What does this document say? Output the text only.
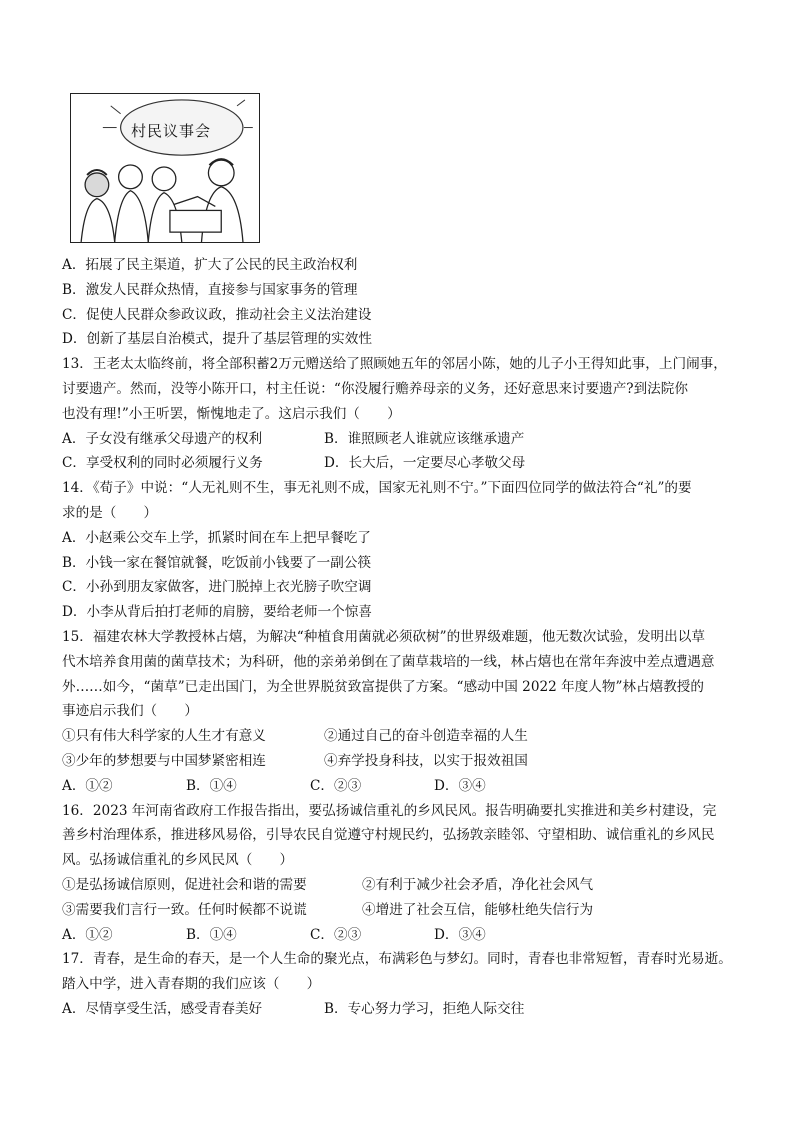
村民议事会
A．拓展了民主渠道，扩大了公民的民主政治权利
B．激发人民群众热情，直接参与国家事务的管理
C．促使人民群众参政议政，推动社会主义法治建设
D．创新了基层自治模式，提升了基层管理的实效性
13．王老太太临终前，将全部积蓄2万元赠送给了照顾她五年的邻居小陈，她的儿子小王得知此事，上门闹事，
讨要遗产。然而，没等小陈开口，村主任说：“你没履行赡养母亲的义务，还好意思来讨要遗产?到法院你
也没有理!”小王听罢，惭愧地走了。这启示我们（　　）
A．子女没有继承父母遗产的权利	B．谁照顾老人谁就应该继承遗产
C．享受权利的同时必须履行义务	D．长大后，一定要尽心孝敬父母
14．《荀子》中说：“人无礼则不生，事无礼则不成，国家无礼则不宁。”下面四位同学的做法符合“礼”的要
求的是（　　）
A．小赵乘公交车上学，抓紧时间在车上把早餐吃了
B．小钱一家在餐馆就餐，吃饭前小钱要了一副公筷
C．小孙到朋友家做客，进门脱掉上衣光膀子吹空调
D．小李从背后拍打老师的肩膀，要给老师一个惊喜
15．福建农林大学教授林占熺，为解决“种植食用菌就必须砍树”的世界级难题，他无数次试验，发明出以草
代木培养食用菌的菌草技术；为科研，他的亲弟弟倒在了菌草栽培的一线，林占熺也在常年奔波中差点遭遇意
外……如今，“菌草”已走出国门，为全世界脱贫致富提供了方案。“感动中国 2022 年度人物”林占熺教授的
事迹启示我们（　　）
①只有伟大科学家的人生才有意义	②通过自己的奋斗创造幸福的人生
③少年的梦想要与中国梦紧密相连	④弃学投身科技，以实于报效祖国
A．①②	B．①④	C．②③	D．③④
16．2023 年河南省政府工作报告指出，要弘扬诚信重礼的乡风民风。报告明确要扎实推进和美乡村建设，完
善乡村治理体系，推进移风易俗，引导农民自觉遵守村规民约，弘扬敦亲睦邻、守望相助、诚信重礼的乡风民
风。弘扬诚信重礼的乡风民风（　　）
①是弘扬诚信原则，促进社会和谐的需要	②有利于减少社会矛盾，净化社会风气
③需要我们言行一致。任何时候都不说谎	④增进了社会互信，能够杜绝失信行为
A．①②	B．①④	C．②③	D．③④
17．青春，是生命的春天，是一个人生命的聚光点，布满彩色与梦幻。同时，青春也非常短暂，青春时光易逝。
踏入中学，进入青春期的我们应该（　　）
A．尽情享受生活，感受青春美好	B．专心努力学习，拒绝人际交往
